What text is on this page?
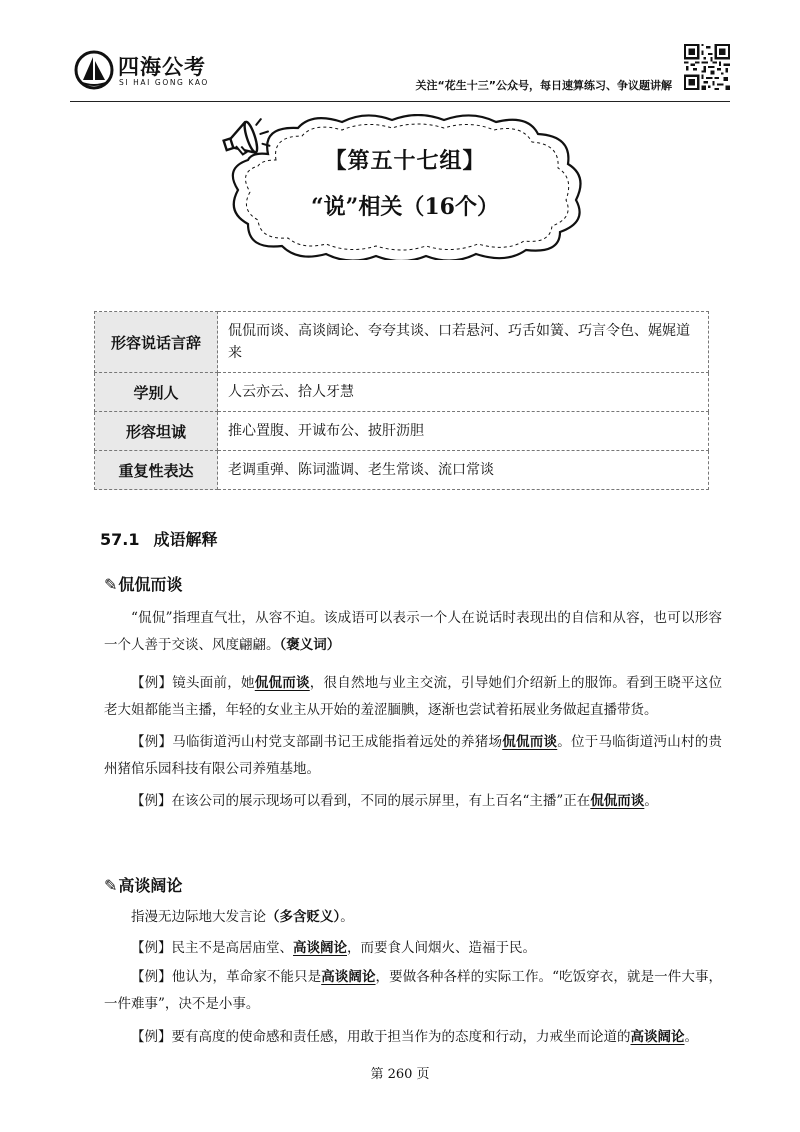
四海公考
SI HAI GONG KAO	关注“花生十三”公众号，每日速算练习、争议题讲解
【第五十七组】
“说”相关（16个）
形容说话言辞	侃侃而谈、高谈阔论、夸夸其谈、口若悬河、巧舌如簧、巧言令色、娓娓道来
学别人	人云亦云、拾人牙慧
形容坦诚	推心置腹、开诚布公、披肝沥胆
重复性表达	老调重弹、陈词滥调、老生常谈、流口常谈
57.1 成语解释
✎侃侃而谈
“侃侃”指理直气壮，从容不迫。该成语可以表示一个人在说话时表现出的自信和从容，也可以形容一个人善于交谈、风度翩翩。（褒义词）
【例】镜头面前，她侃侃而谈，很自然地与业主交流，引导她们介绍新上的服饰。看到王晓平这位老大姐都能当主播，年轻的女业主从开始的羞涩腼腆，逐渐也尝试着拓展业务做起直播带货。
【例】马临街道沔山村党支部副书记王成能指着远处的养猪场侃侃而谈。位于马临街道沔山村的贵州猪倌乐园科技有限公司养殖基地。
【例】在该公司的展示现场可以看到，不同的展示屏里，有上百名“主播”正在侃侃而谈。
✎高谈阔论
指漫无边际地大发言论（多含贬义）。
【例】民主不是高居庙堂、高谈阔论，而要食人间烟火、造福于民。
【例】他认为，革命家不能只是高谈阔论，要做各种各样的实际工作。“吃饭穿衣，就是一件大事，一件难事”，决不是小事。
【例】要有高度的使命感和责任感，用敢于担当作为的态度和行动，力戒坐而论道的高谈阔论。
第 260 页
